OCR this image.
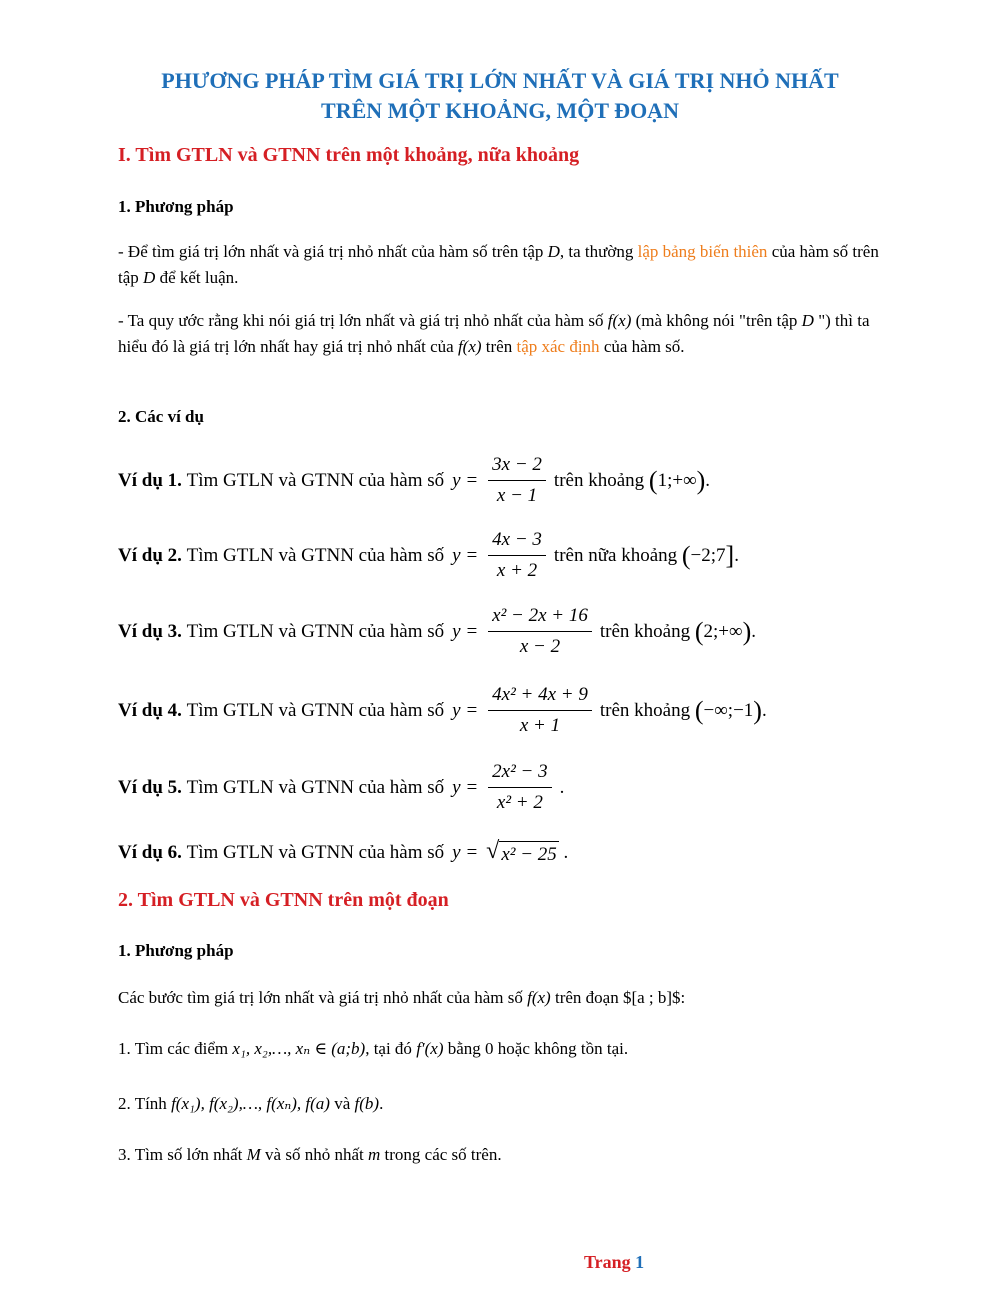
PHƯƠNG PHÁP TÌM GIÁ TRỊ LỚN NHẤT VÀ GIÁ TRỊ NHỎ NHẤT
TRÊN MỘT KHOẢNG, MỘT ĐOẠN
I. Tìm GTLN và GTNN trên một khoảng, nữa khoảng
1. Phương pháp
- Để tìm giá trị lớn nhất và giá trị nhỏ nhất của hàm số trên tập D, ta thường lập bảng biến thiên của hàm số trên tập D để kết luận.
- Ta quy ước rằng khi nói giá trị lớn nhất và giá trị nhỏ nhất của hàm số f(x) (mà không nói "trên tập D ") thì ta hiểu đó là giá trị lớn nhất hay giá trị nhỏ nhất của f(x) trên tập xác định của hàm số.
2. Các ví dụ
Ví dụ 1.
Tìm GTLN và GTNN của hàm số $y = \frac{3x - 2}{x - 1}$ trên khoảng
( 1;+∞ ) .
Ví dụ 2.
Tìm GTLN và GTNN của hàm số $y = \frac{4x - 3}{x + 2}$ trên nữa khoảng
( −2;7 ] .
Ví dụ 3.
Tìm GTLN và GTNN của hàm số $y = \frac{\text{x² − 2x + 16}}{x - 2}$ trên khoảng
( 2;+∞ ) .
Ví dụ 4.
Tìm GTLN và GTNN của hàm số $y = \frac{\text{4x² + 4x + 9}}{x + 1}$ trên khoảng
( −∞;−1 ) .
Ví dụ 5.
Tìm GTLN và GTNN của hàm số $y = \frac{\text{2x² − 3}}{\text{x² + 2}}$ .
Ví dụ 6.
Tìm GTLN và GTNN của hàm số y = √ x² − 25
.
2. Tìm GTLN và GTNN trên một đoạn
1. Phương pháp
Các bước tìm giá trị lớn nhất và giá trị nhỏ nhất của hàm số f(x) trên đoạn $[a ; b]$:
1. Tìm các điểm x₁, x₂,…, xₙ ∈ (a;b), tại đó f′(x) bằng 0 hoặc không tồn tại.
2. Tính f(x₁), f(x₂),…, f(xₙ), f(a) và f(b).
3. Tìm số lớn nhất M và số nhỏ nhất m trong các số trên.
Trang 1
